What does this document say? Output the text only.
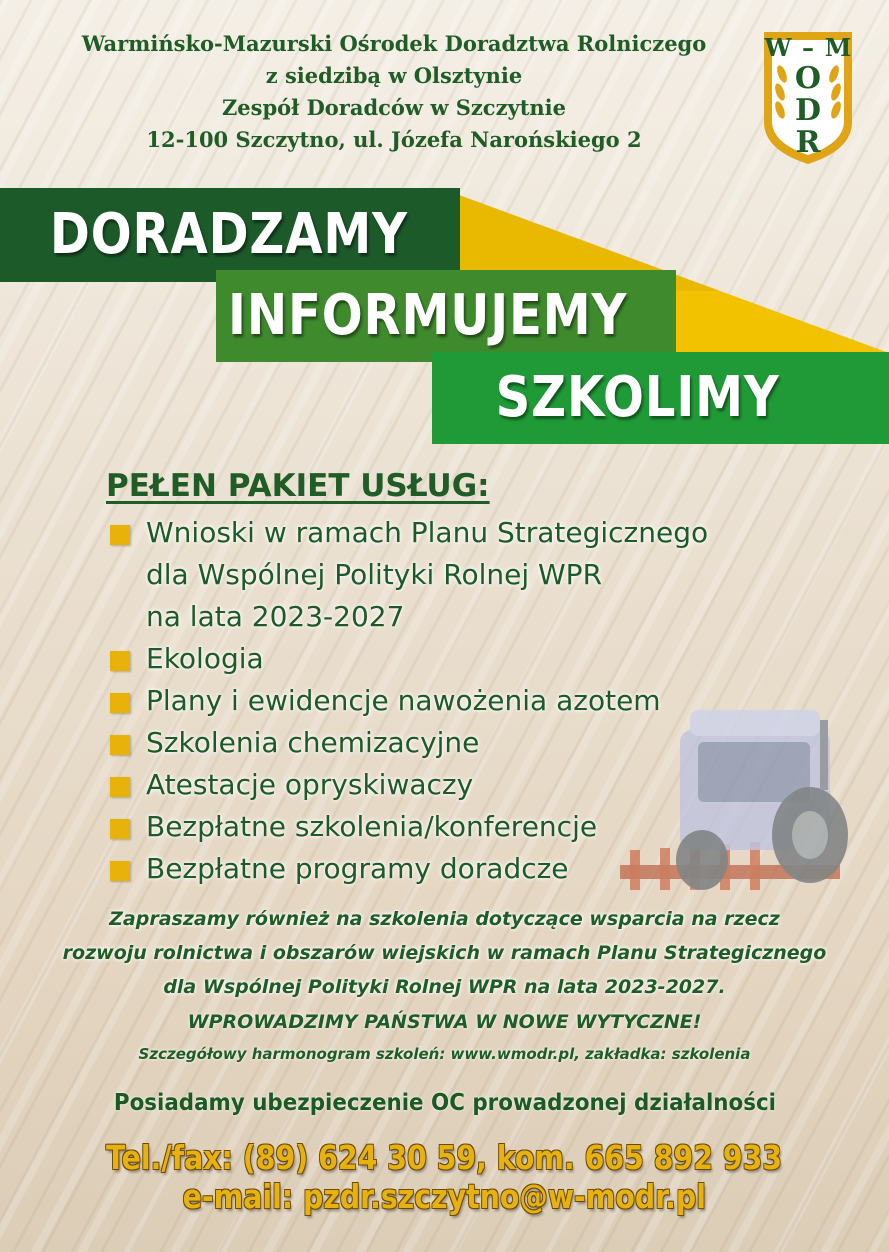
Warmińsko-Mazurski Ośrodek Doradztwa Rolniczego
z siedzibą w Olsztynie
Zespół Doradców w Szczytnie
12-100 Szczytno, ul. Józefa Narońskiego 2
W – M
O
D
R
DORADZAMY
INFORMUJEMY
SZKOLIMY
PEŁEN PAKIET USŁUG:
Wnioski w ramach Planu Strategicznego
dla Wspólnej Polityki Rolnej WPR
na lata 2023-2027
Ekologia
Plany i ewidencje nawożenia azotem
Szkolenia chemizacyjne
Atestacje opryskiwaczy
Bezpłatne szkolenia/konferencje
Bezpłatne programy doradcze
Zapraszamy również na szkolenia dotyczące wsparcia na rzecz
rozwoju rolnictwa i obszarów wiejskich w ramach Planu Strategicznego
dla Wspólnej Polityki Rolnej WPR na lata 2023-2027.
WPROWADZIMY PAŃSTWA W NOWE WYTYCZNE!
Szczegółowy harmonogram szkoleń: www.wmodr.pl, zakładka: szkolenia
Posiadamy ubezpieczenie OC prowadzonej działalności
Tel./fax: (89) 624 30 59, kom. 665 892 933
e-mail: pzdr.szczytno@w-modr.pl
